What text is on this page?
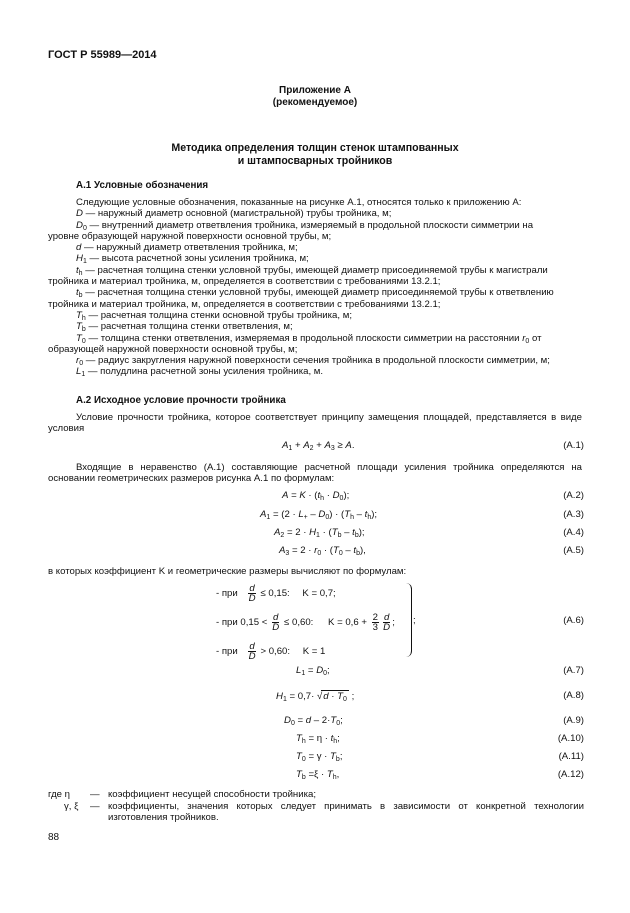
ГОСТ Р 55989—2014
Приложение А
(рекомендуемое)
Методика определения толщин стенок штампованных
и штампосварных тройников
А.1 Условные обозначения

Следующие условные обозначения, показанные на рисунке А.1, относятся только к приложению А:

D — наружный диаметр основной (магистральной) трубы тройника, м;

$D_0$ — внутренний диаметр ответвления тройника, измеряемый в продольной плоскости симметрии на

уровне образующей наружной поверхности основной трубы, м;

d — наружный диаметр ответвления тройника, м;

$H_1$ — высота расчетной зоны усиления тройника, м;

$t_h$ — расчетная толщина стенки условной трубы, имеющей диаметр присоединяемой трубы к магистрали

тройника и материал тройника, м, определяется в соответствии с требованиями 13.2.1;

$t_b$ — расчетная толщина стенки условной трубы, имеющей диаметр присоединяемой трубы к ответвлению

тройника и материал тройника, м, определяется в соответствии с требованиями 13.2.1;

$T_h$ — расчетная толщина стенки основной трубы тройника, м;

$T_b$ — расчетная толщина стенки ответвления, м;

$T_0$ — толщина стенки ответвления, измеряемая в продольной плоскости симметрии на расстоянии $r_0$ от

образующей наружной поверхности основной трубы, м;

$r_0$ — радиус закругления наружной поверхности сечения тройника в продольной плоскости симметрии, м;

$L_1$ — полудлина расчетной зоны усиления тройника, м.

А.2 Исходное условие прочности тройника

Условие прочности тройника, которое соответствует принципу замещения площадей, представляется в виде условия

$A_1 + A_2 + A_3 \ge A$.	(А.1)

Входящие в неравенство (А.1) составляющие расчетной площади усиления тройника определяются на основании геометрических размеров рисунка А.1 по формулам:

$A = K \cdot (t_h \cdot D_0)$;	(А.2)
$A_1 = (2 \cdot L_+ - D_0) \cdot (T_h - t_h)$;	(А.3)
$A_2 = 2 \cdot H_1 \cdot (T_b - t_b)$;	(А.4)
$A_3 = 2 \cdot r_0 \cdot (T_0 - t_b)$,	(А.5)
в которых коэффициент K и геометрические размеры вычисляют по формулам:
- при $\frac{d}{D} \le 0,15$: K = 0,7;
- при $0,15 < \frac{d}{D} \le 0,60$: $K = 0,6 + \frac{2}{3} \frac{d}{D}$ ;
- при $\frac{d}{D} > 0,60$: K = 1
;	(А.6)
$L_1 = D_0$;	(А.7)
$H_1 = 0,7\cdot √d \cdot T_0$ ;	(А.8)
$D_0 = d - 2\cdot T_0$;	(А.9)
$T_h = \eta \cdot t_h$;	(А.10)
$T_0 = \gamma \cdot T_b$;	(А.11)
$T_b =\xi \cdot T_h$,	(А.12)
где η — коэффициент несущей способности тройника;
γ, ξ — коэффициенты, значения которых следует принимать в зависимости от конкретной технологии изготовления тройников.
88
